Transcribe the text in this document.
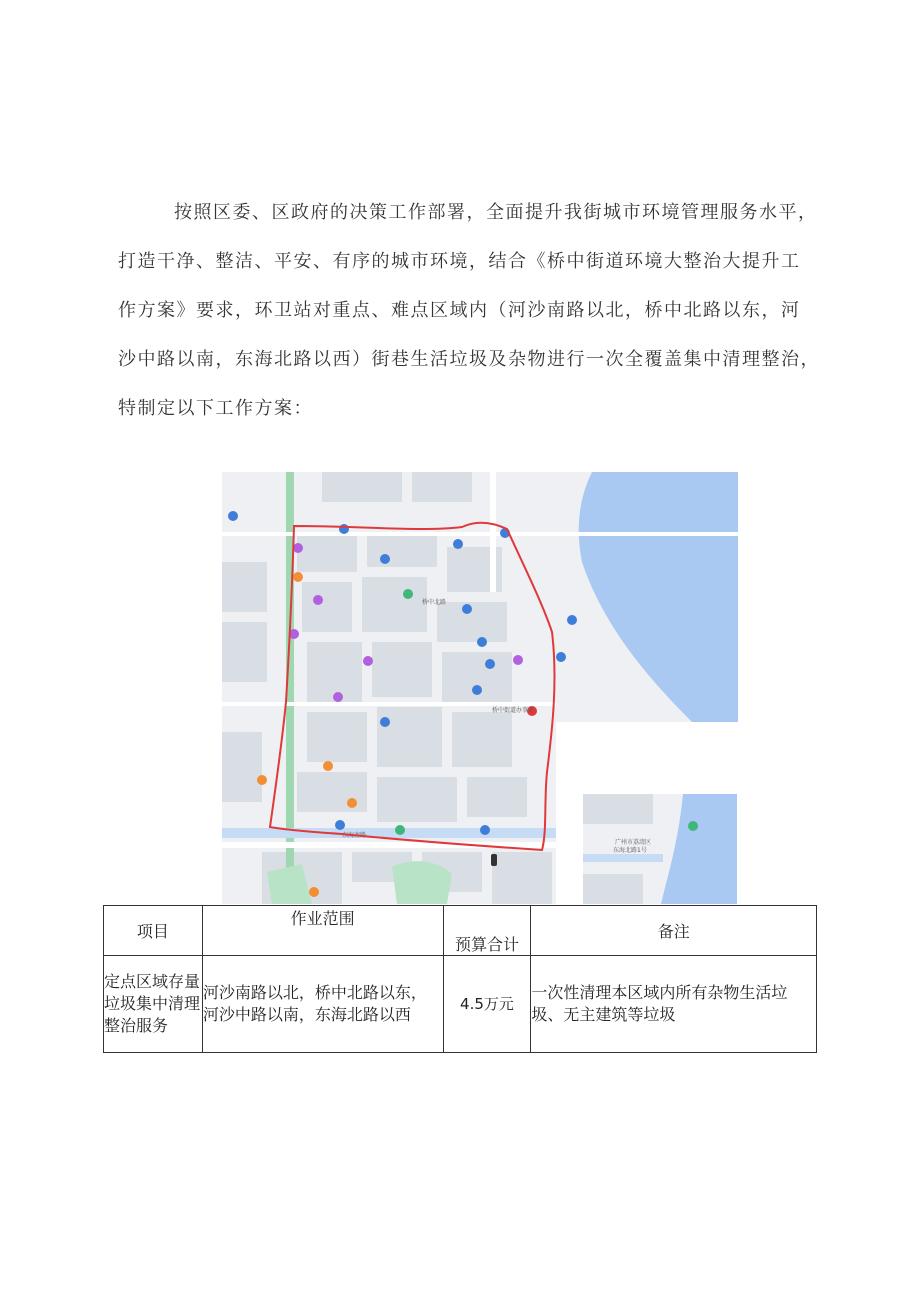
按照区委、区政府的决策工作部署，全面提升我街城市环境管理服务水平，
打造干净、整洁、平安、有序的城市环境，结合《桥中街道环境大整治大提升工
作方案》要求，环卫站对重点、难点区域内（河沙南路以北，桥中北路以东，河
沙中路以南，东海北路以西）街巷生活垃圾及杂物进行一次全覆盖集中清理整治，
特制定以下工作方案：
桥中街道办事处
桥中北路
东海南路
广州市荔湾区
东海北路1号
项目	作业范围	预算合计	备注
定点区域存量垃圾集中清理整治服务	河沙南路以北，桥中北路以东，河沙中路以南，东海北路以西	4.5万元	一次性清理本区域内所有杂物生活垃圾、无主建筑等垃圾
